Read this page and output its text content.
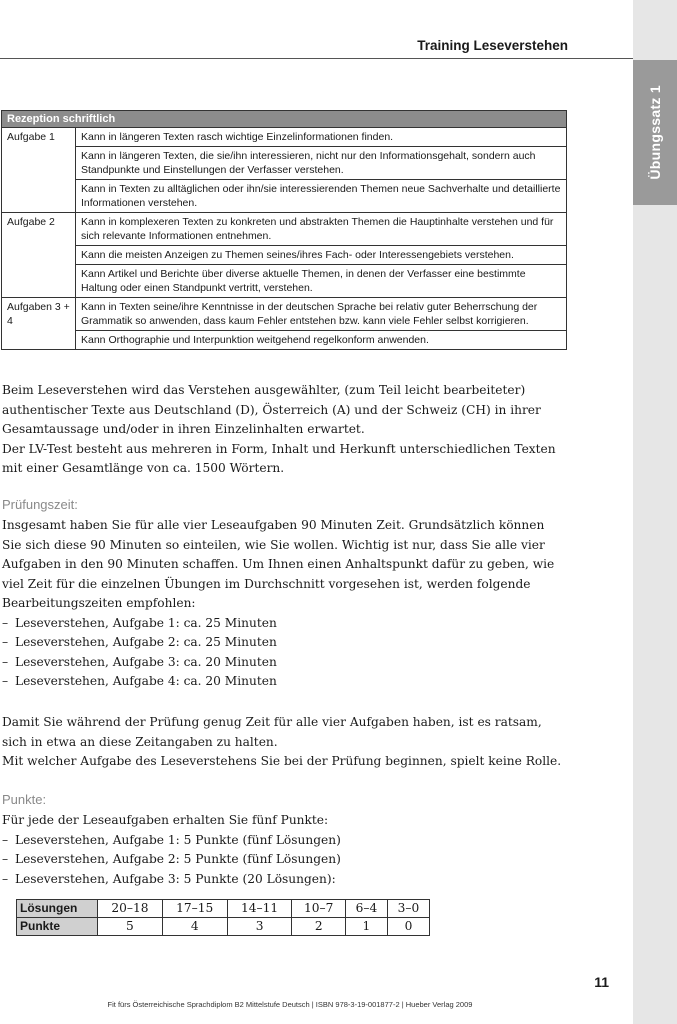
Übungssatz 1
Training Leseverstehen
Rezeption schriftlich	
Aufgabe 1	Kann in längeren Texten rasch wichtige Einzelinformationen finden.
	Kann in längeren Texten, die sie/ihn interessieren, nicht nur den Informationsgehalt, sondern auch Standpunkte und Einstellungen der Verfasser verstehen.
	Kann in Texten zu alltäglichen oder ihn/sie interessierenden Themen neue Sachverhalte und detaillierte Informationen verstehen.
Aufgabe 2	Kann in komplexeren Texten zu konkreten und abstrakten Themen die Hauptinhalte verstehen und für sich relevante Informationen entnehmen.
	Kann die meisten Anzeigen zu Themen seines/ihres Fach- oder Interessengebiets verstehen.
	Kann Artikel und Berichte über diverse aktuelle Themen, in denen der Verfasser eine bestimmte Haltung oder einen Standpunkt vertritt, verstehen.
Aufgaben 3 + 4	Kann in Texten seine/ihre Kenntnisse in der deutschen Sprache bei relativ guter Beherrschung der Grammatik so anwenden, dass kaum Fehler entstehen bzw. kann viele Fehler selbst korrigieren.
	Kann Orthographie und Interpunktion weitgehend regelkonform anwenden.

Beim Leseverstehen wird das Verstehen ausgewählter, (zum Teil leicht bearbeiteter) authentischer Texte aus Deutschland (D), Österreich (A) und der Schweiz (CH) in ihrer Gesamtaussage und/oder in ihren Einzelinhalten erwartet.

Der LV-Test besteht aus mehreren in Form, Inhalt und Herkunft unterschiedlichen Texten mit einer Gesamtlänge von ca. 1500 Wörtern.

Prüfungszeit:

Insgesamt haben Sie für alle vier Leseaufgaben 90 Minuten Zeit. Grundsätzlich können Sie sich diese 90 Minuten so einteilen, wie Sie wollen. Wichtig ist nur, dass Sie alle vier Aufgaben in den 90 Minuten schaffen. Um Ihnen einen Anhaltspunkt dafür zu geben, wie viel Zeit für die einzelnen Übungen im Durchschnitt vorgesehen ist, werden folgende Bearbeitungszeiten empfohlen:

– Leseverstehen, Aufgabe 1: ca. 25 Minuten
– Leseverstehen, Aufgabe 2: ca. 25 Minuten
– Leseverstehen, Aufgabe 3: ca. 20 Minuten
– Leseverstehen, Aufgabe 4: ca. 20 Minuten

Damit Sie während der Prüfung genug Zeit für alle vier Aufgaben haben, ist es ratsam, sich in etwa an diese Zeitangaben zu halten.

Mit welcher Aufgabe des Leseverstehens Sie bei der Prüfung beginnen, spielt keine Rolle.

Punkte:

Für jede der Leseaufgaben erhalten Sie fünf Punkte:

– Leseverstehen, Aufgabe 1: 5 Punkte (fünf Lösungen)
– Leseverstehen, Aufgabe 2: 5 Punkte (fünf Lösungen)
– Leseverstehen, Aufgabe 3: 5 Punkte (20 Lösungen):
Lösungen	20–18	17–15	14–11	10–7	6–4	3–0
Punkte	5	4	3	2	1	0
11
Fit fürs Österreichische Sprachdiplom B2 Mittelstufe Deutsch | ISBN 978-3-19-001877-2 | Hueber Verlag 2009
